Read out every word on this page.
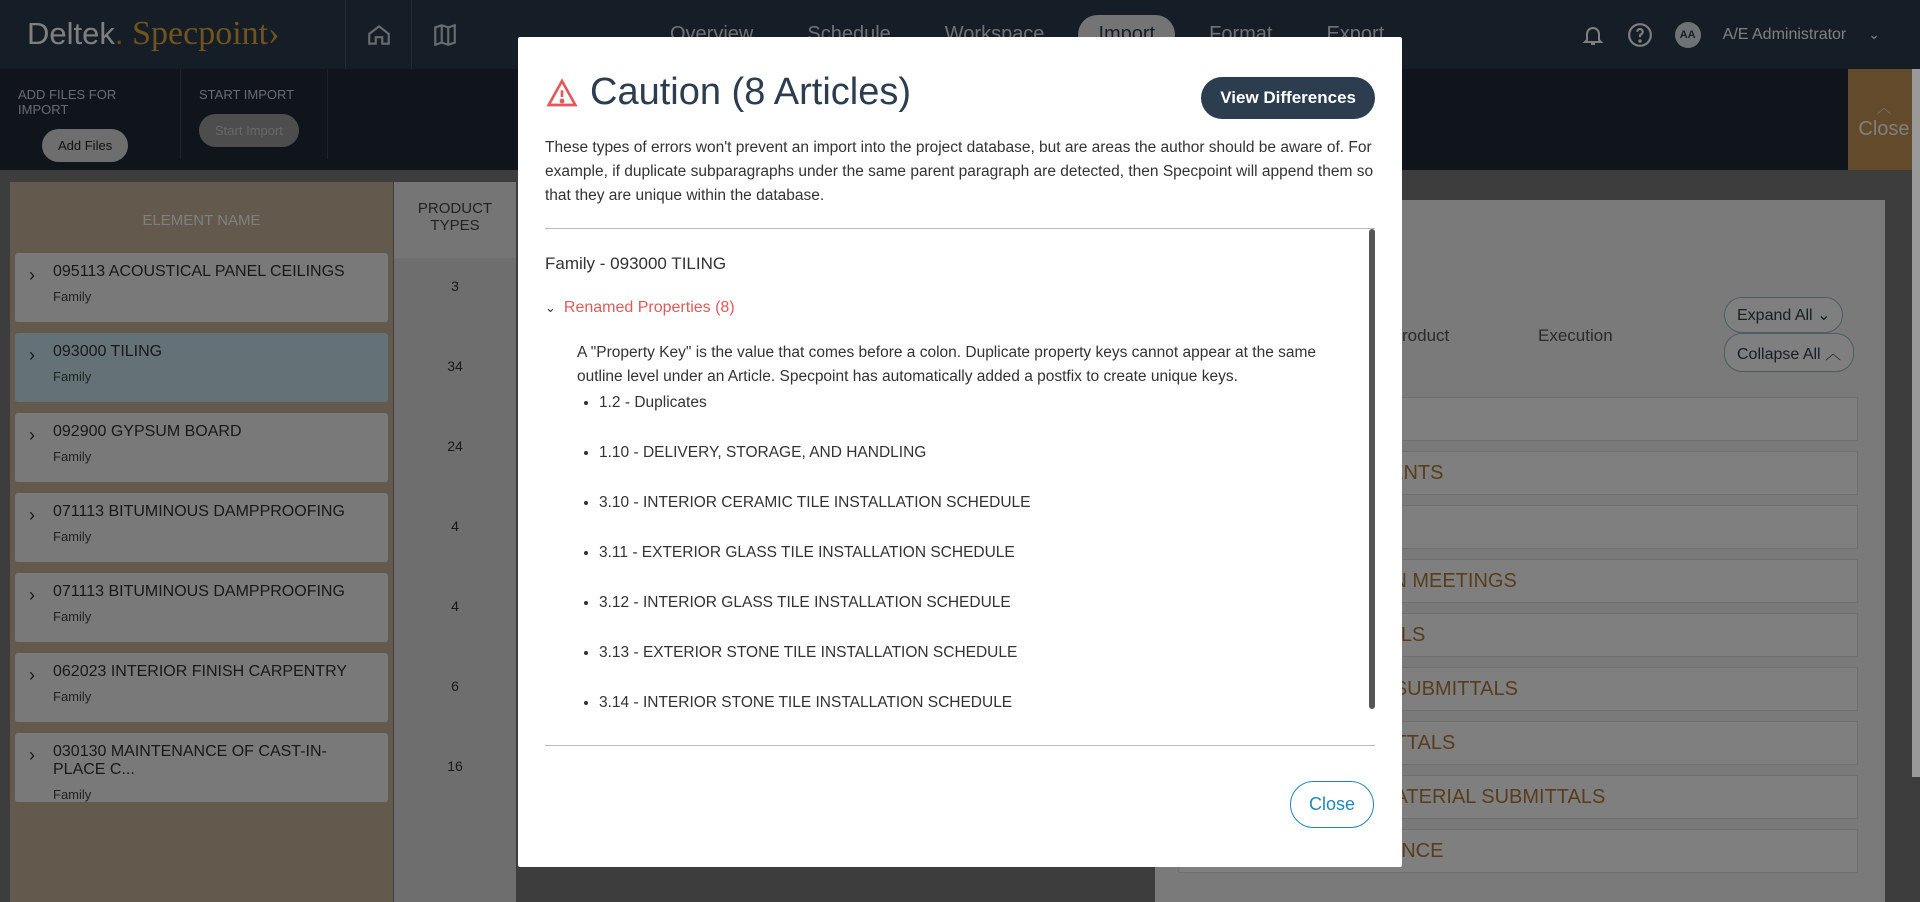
Caution (8 Articles)	View Differences
These types of errors won't prevent an import into the project database, but are areas the author should be aware of. For example, if duplicate subparagraphs under the same parent paragraph are detected, then Specpoint will append them so that they are unique within the database.
Family - 093000 TILING
⌄ Renamed Properties (8)
A "Property Key" is the value that comes before a colon. Duplicate property keys cannot appear at the same outline level under an Article. Specpoint has automatically added a postfix to create unique keys.
• 1.2 - Duplicates
• 1.10 - DELIVERY, STORAGE, AND HANDLING
• 3.10 - INTERIOR CERAMIC TILE INSTALLATION SCHEDULE
• 3.11 - EXTERIOR GLASS TILE INSTALLATION SCHEDULE
• 3.12 - INTERIOR GLASS TILE INSTALLATION SCHEDULE
• 3.13 - EXTERIOR STONE TILE INSTALLATION SCHEDULE
• 3.14 - INTERIOR STONE TILE INSTALLATION SCHEDULE
Close
